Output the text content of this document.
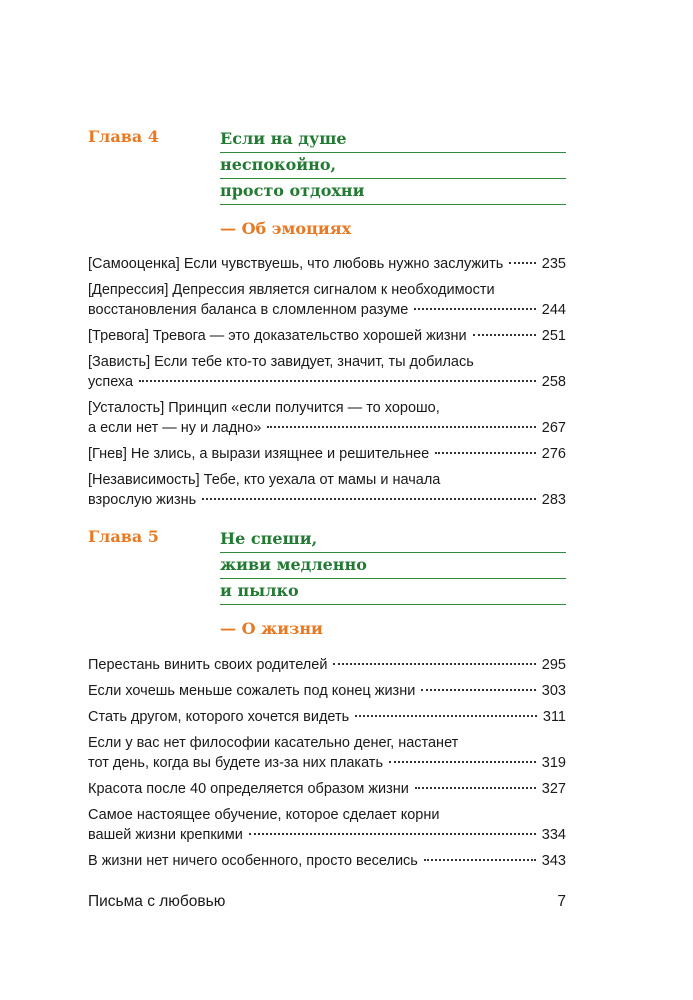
Глава 4	Если на душе
неспокойно,
просто отдохни
— Об эмоциях
[Самооценка] Если чувствуешь, что любовь нужно заслужить	235
[Депрессия] Депрессия является сигналом к необходимости
восстановления баланса в сломленном разуме	244
[Тревога] Тревога — это доказательство хорошей жизни	251
[Зависть] Если тебе кто-то завидует, значит, ты добилась
успеха	258
[Усталость] Принцип «если получится — то хорошо,
а если нет — ну и ладно»	267
[Гнев] Не злись, а вырази изящнее и решительнее	276
[Независимость] Тебе, кто уехала от мамы и начала
взрослую жизнь	283
Глава 5	Не спеши,
живи медленно
и пылко
— О жизни
Перестань винить своих родителей	295
Если хочешь меньше сожалеть под конец жизни	303
Стать другом, которого хочется видеть	311
Если у вас нет философии касательно денег, настанет
тот день, когда вы будете из-за них плакать	319
Красота после 40 определяется образом жизни	327
Самое настоящее обучение, которое сделает корни
вашей жизни крепкими	334
В жизни нет ничего особенного, просто веселись	343
Письма с любовью	7
